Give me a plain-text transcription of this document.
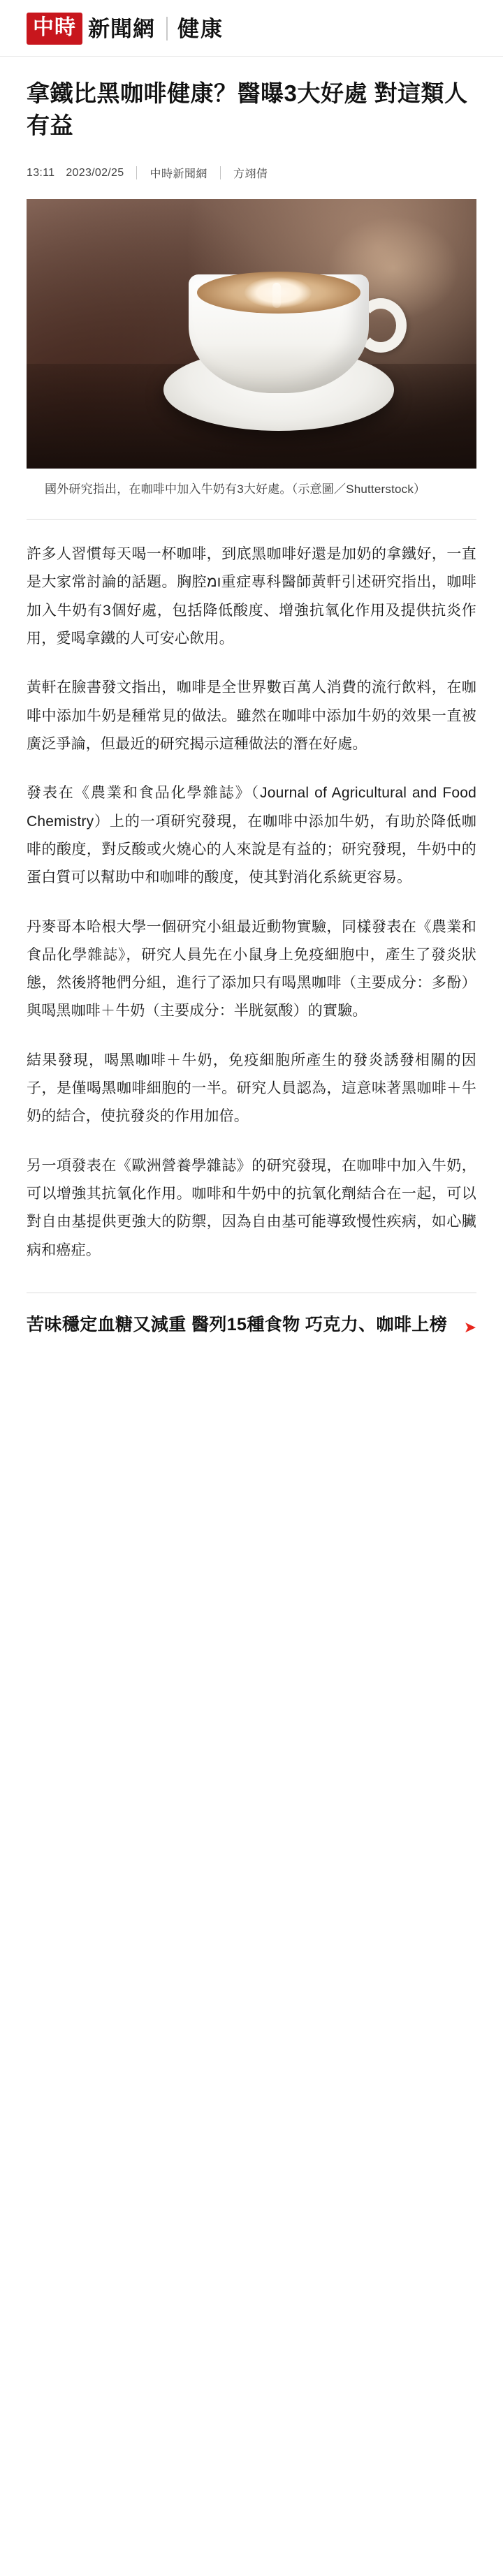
中時 新聞網 健康
拿鐵比黑咖啡健康？醫曝3大好處 對這類人有益
13:11 2023/02/25 中時新聞網 方翊倩
國外研究指出，在咖啡中加入牛奶有3大好處。（示意圖／Shutterstock）

許多人習慣每天喝一杯咖啡，到底黑咖啡好還是加奶的拿鐵好，一直是大家常討論的話題。胸腔ומ重症專科醫師黃軒引述研究指出，咖啡加入牛奶有3個好處，包括降低酸度、增強抗氧化作用及提供抗炎作用，愛喝拿鐵的人可安心飲用。

黃軒在臉書發文指出，咖啡是全世界數百萬人消費的流行飲料，在咖啡中添加牛奶是種常見的做法。雖然在咖啡中添加牛奶的效果一直被廣泛爭論，但最近的研究揭示這種做法的潛在好處。

發表在《農業和食品化學雜誌》（Journal of Agricultural and Food Chemistry）上的一項研究發現，在咖啡中添加牛奶，有助於降低咖啡的酸度，對反酸或火燒心的人來說是有益的；研究發現，牛奶中的蛋白質可以幫助中和咖啡的酸度，使其對消化系統更容易。

丹麥哥本哈根大學一個研究小組最近動物實驗，同樣發表在《農業和食品化學雜誌》，研究人員先在小鼠身上免疫細胞中，產生了發炎狀態，然後將牠們分組，進行了添加只有喝黑咖啡（主要成分：多酚）與喝黑咖啡＋牛奶（主要成分：半胱氨酸）的實驗。

結果發現，喝黑咖啡＋牛奶，免疫細胞所產生的發炎誘發相關的因子，是僅喝黑咖啡細胞的一半。研究人員認為，這意味著黑咖啡＋牛奶的結合，使抗發炎的作用加倍。

另一項發表在《歐洲營養學雜誌》的研究發現，在咖啡中加入牛奶，可以增強其抗氧化作用。咖啡和牛奶中的抗氧化劑結合在一起，可以對自由基提供更強大的防禦，因為自由基可能導致慢性疾病，如心臟病和癌症。

苦味穩定血糖又減重 醫列15種食物 巧克力、咖啡上榜	➤
